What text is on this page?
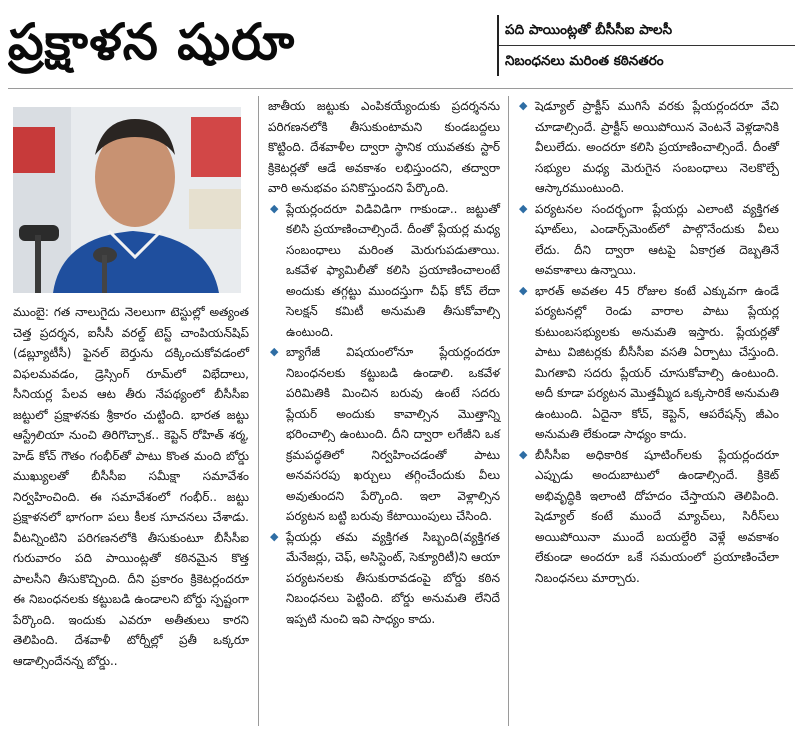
ప్రక్షాళన షురూ	పది పాయింట్లతో బీసీసీఐ పాలసీ
నిబంధనలు మరింత కఠినతరం

ముంబై: గత నాలుగైదు నెలలుగా టెస్టుల్లో అత్యంత చెత్త ప్రదర్శన, ఐసీసీ వరల్డ్ టెస్ట్ చాంపియన్‌షిప్ (డబ్ల్యూటీసీ) ఫైనల్ బెర్తును దక్కించుకోవడంలో విఫలమవడం, డ్రెస్సింగ్ రూమ్‌లో విభేదాలు, సీనియర్ల పేలవ ఆట తీరు నేపథ్యంలో బీసీసీఐ జట్టులో ప్రక్షాళనకు శ్రీకారం చుట్టింది. భారత జట్టు ఆస్ట్రేలియా నుంచి తిరిగొచ్చాక.. కెప్టెన్ రోహిత్ శర్మ, హెడ్ కోచ్ గౌతం గంభీర్‌తో పాటు కొంత మంది బోర్డు ముఖ్యులతో బీసీసీఐ సమీక్షా సమావేశం నిర్వహించింది. ఈ సమావేశంలో గంభీర్.. జట్టు ప్రక్షాళనలో భాగంగా పలు కీలక సూచనలు చేశాడు. వీటన్నింటిని పరిగణనలోకి తీసుకుంటూ బీసీసీఐ గురువారం పది పాయింట్లతో కఠినమైన కొత్త పాలసీని తీసుకొచ్చింది. దీని ప్రకారం క్రికెటర్లందరూ ఈ నిబంధనలకు కట్టుబడి ఉండాలని బోర్డు స్పష్టంగా పేర్కొంది. ఇందుకు ఎవరూ అతీతులు కారని తెలిపింది. దేశవాళీ టోర్నీల్లో ప్రతీ ఒక్కరూ ఆడాల్సిందేనన్న బోర్డు..

జాతీయ జట్టుకు ఎంపికయ్యేందుకు ప్రదర్శనను పరిగణనలోకి తీసుకుంటామని కుండబద్దలు కొట్టింది. దేశవాళీల ద్వారా స్థానిక యువతకు స్టార్ క్రికెటర్లతో ఆడే అవకాశం లభిస్తుందని, తద్వారా వారి అనుభవం పనికొస్తుందని పేర్కొంది.

◆ ప్లేయర్లందరూ విడివిడిగా గాకుండా.. జట్టుతో కలిసి ప్రయాణించాల్సిందే. దీంతో ప్లేయర్ల మధ్య సంబంధాలు మరింత మెరుగుపడుతాయి. ఒకవేళ ఫ్యామిలీతో కలిసి ప్రయాణించాలంటే అందుకు తగ్గట్టు ముందస్తుగా చీఫ్ కోచ్ లేదా సెలక్షన్ కమిటీ అనుమతి తీసుకోవాల్సి ఉంటుంది.

◆ బ్యాగేజీ విషయంలోనూ ప్లేయర్లందరూ నిబంధనలకు కట్టుబడి ఉండాలి. ఒకవేళ పరిమితికి మించిన బరువు ఉంటే సదరు ప్లేయర్ అందుకు కావాల్సిన మొత్తాన్ని భరించాల్సి ఉంటుంది. దీని ద్వారా లగేజీని ఒక క్రమపద్ధతిలో నిర్వహించడంతో పాటు అనవసరపు ఖర్చులు తగ్గించేందుకు వీలు అవుతుందని పేర్కొంది. ఇలా వెళ్లాల్సిన పర్యటన బట్టి బరువు కేటాయింపులు చేసింది.

◆ ప్లేయర్లు తమ వ్యక్తిగత సిబ్బంది(వ్యక్తిగత మేనేజర్లు, చెఫ్, అసిస్టెంట్, సెక్యూరిటీ)ని ఆయా పర్యటనలకు తీసుకురావడంపై బోర్డు కఠిన నిబంధనలు పెట్టింది. బోర్డు అనుమతి లేనిదే ఇప్పటి నుంచి ఇవి సాధ్యం కాదు.

◆ షెడ్యూల్ ప్రాక్టీస్ ముగిసే వరకు ప్లేయర్లందరూ వేచి చూడాల్సిందే. ప్రాక్టీస్ అయిపోయిన వెంటనే వెళ్లడానికి వీలులేదు. అందరూ కలిసి ప్రయాణించాల్సిందే. దీంతో సభ్యుల మధ్య మెరుగైన సంబంధాలు నెలకొల్పే ఆస్కారముంటుంది.

◆ పర్యటనల సందర్భంగా ప్లేయర్లు ఎలాంటి వ్యక్తిగత షూట్‌లు, ఎండార్స్‌మెంట్‌లో పాల్గొనేందుకు వీలు లేదు. దీని ద్వారా ఆటపై ఏకాగ్రత దెబ్బతినే అవకాశాలు ఉన్నాయి.

◆ భారత్ అవతల 45 రోజుల కంటే ఎక్కువగా ఉండే పర్యటనల్లో రెండు వారాల పాటు ప్లేయర్ల కుటుంబసభ్యులకు అనుమతి ఇస్తారు. ప్లేయర్లతో పాటు విజిటర్లకు బీసీసీఐ వసతి ఏర్పాటు చేస్తుంది. మిగతావి సదరు ప్లేయర్ చూసుకోవాల్సి ఉంటుంది. అదీ కూడా పర్యటన మొత్తమ్మీద ఒక్కసారికే అనుమతి ఉంటుంది. ఏదైనా కోచ్, కెప్టెన్, ఆపరేషన్స్ జీఎం అనుమతి లేకుండా సాధ్యం కాదు.

◆ బీసీసీఐ అధికారిక షూటింగ్‌లకు ప్లేయర్లందరూ ఎప్పుడు అందుబాటులో ఉండాల్సిందే. క్రికెట్ అభివృద్ధికి ఇలాంటి దోహదం చేస్తాయని తెలిపింది. షెడ్యూల్ కంటే ముందే మ్యాచ్‌లు, సిరీస్‌లు అయిపోయినా ముందే బయల్దేరి వెళ్లే అవకాశం లేకుండా అందరూ ఒకే సమయంలో ప్రయాణించేలా నిబంధనలు మార్చారు.
